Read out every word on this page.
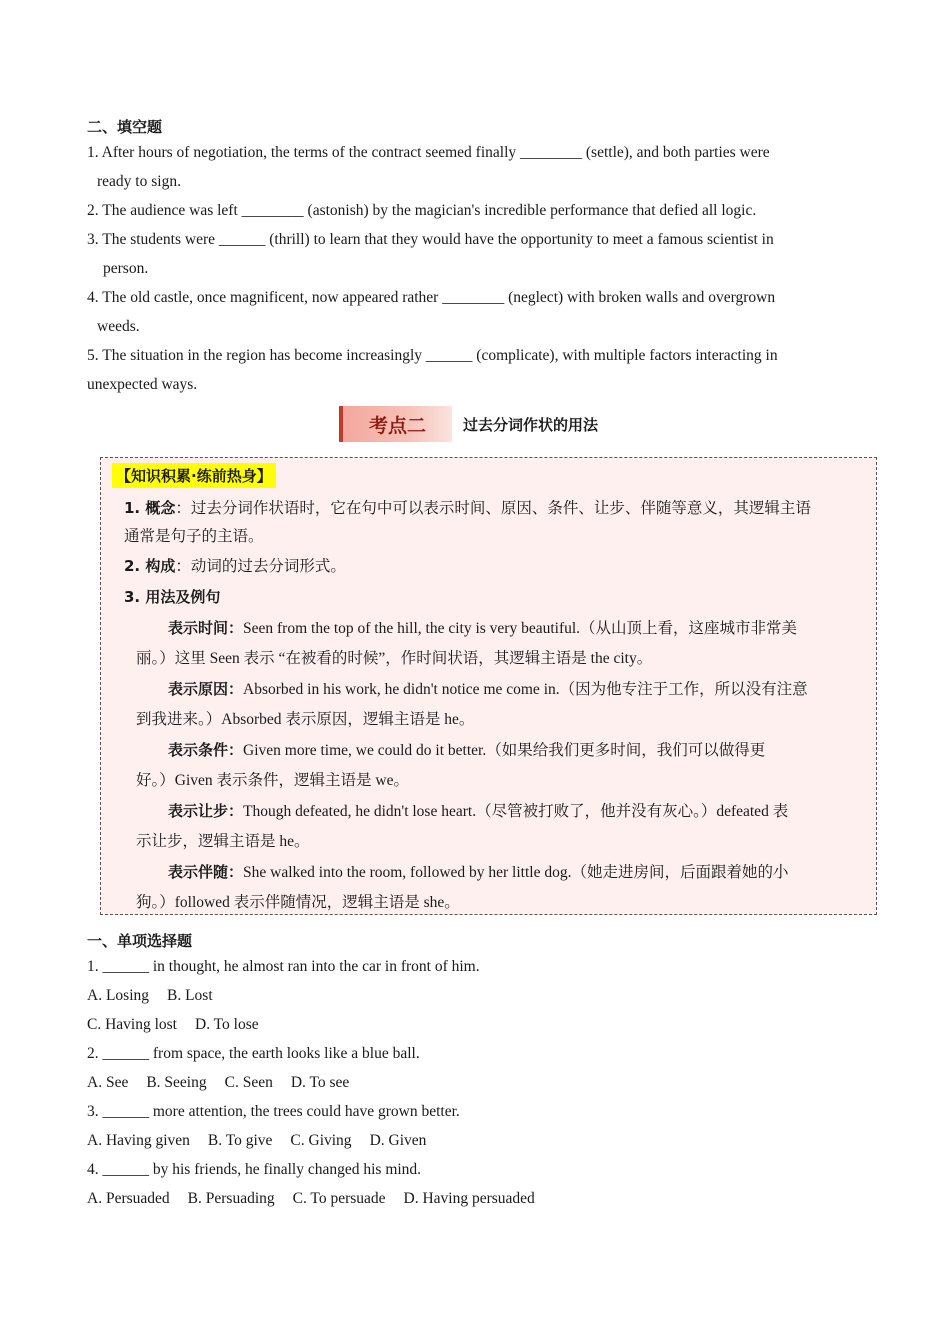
二、填空题
1. After hours of negotiation, the terms of the contract seemed finally ________ (settle), and both parties were
ready to sign.
2. The audience was left ________ (astonish) by the magician's incredible performance that defied all logic.
3. The students were ______ (thrill) to learn that they would have the opportunity to meet a famous scientist in
person.
4. The old castle, once magnificent, now appeared rather ________ (neglect) with broken walls and overgrown
weeds.
5. The situation in the region has become increasingly ______ (complicate), with multiple factors interacting in
unexpected ways.
考点二 过去分词作状的用法
【知识积累·练前热身】
1. 概念：过去分词作状语时，它在句中可以表示时间、原因、条件、让步、伴随等意义，其逻辑主语
通常是句子的主语。
2. 构成：动词的过去分词形式。
3. 用法及例句
表示时间：Seen from the top of the hill, the city is very beautiful.（从山顶上看，这座城市非常美
丽。）这里 Seen 表示 “在被看的时候”，作时间状语，其逻辑主语是 the city。
表示原因：Absorbed in his work, he didn't notice me come in.（因为他专注于工作，所以没有注意
到我进来。）Absorbed 表示原因，逻辑主语是 he。
表示条件：Given more time, we could do it better.（如果给我们更多时间，我们可以做得更
好。）Given 表示条件，逻辑主语是 we。
表示让步：Though defeated, he didn't lose heart.（尽管被打败了，他并没有灰心。）defeated 表
示让步，逻辑主语是 he。
表示伴随：She walked into the room, followed by her little dog.（她走进房间，后面跟着她的小
狗。）followed 表示伴随情况，逻辑主语是 she。
一、单项选择题
1. ______ in thought, he almost ran into the car in front of him.
A. Losing B. Lost
C. Having lost D. To lose
2. ______ from space, the earth looks like a blue ball.
A. See B. Seeing C. Seen D. To see
3. ______ more attention, the trees could have grown better.
A. Having given B. To give C. Giving D. Given
4. ______ by his friends, he finally changed his mind.
A. Persuaded B. Persuading C. To persuade D. Having persuaded
